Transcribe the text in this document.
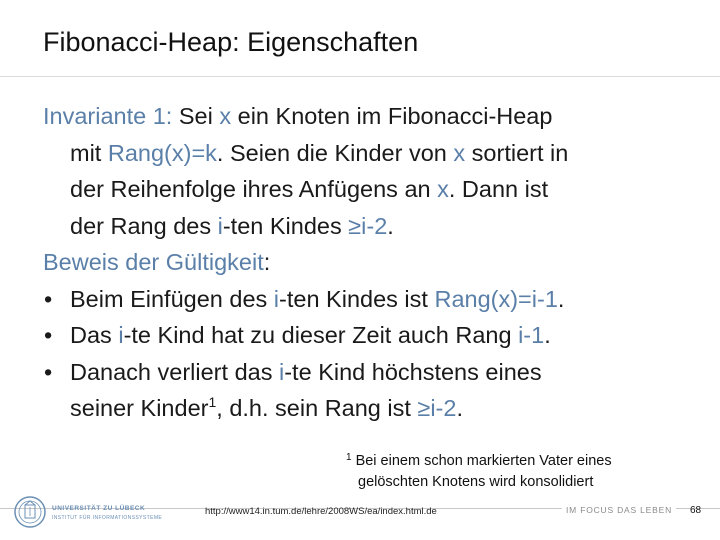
Fibonacci-Heap: Eigenschaften
Invariante 1: Sei x ein Knoten im Fibonacci-Heap
mit Rang(x)=k. Seien die Kinder von x sortiert in
der Reihenfolge ihres Anfügens an x. Dann ist
der Rang des i-ten Kindes ≥i-2.
Beweis der Gültigkeit:
• Beim Einfügen des i-ten Kindes ist Rang(x)=i-1.
• Das i-te Kind hat zu dieser Zeit auch Rang i-1.
• Danach verliert das i-te Kind höchstens eines
seiner Kinder$^1$, d.h. sein Rang ist ≥i-2.
$^1$ Bei einem schon markierten Vater eines
gelöschten Knotens wird konsolidiert
UNIVERSITÄT ZU LÜBECK
INSTITUT FÜR INFORMATIONSSYSTEME
http://www14.in.tum.de/lehre/2008WS/ea/index.html.de	IM FOCUS DAS LEBEN	68
